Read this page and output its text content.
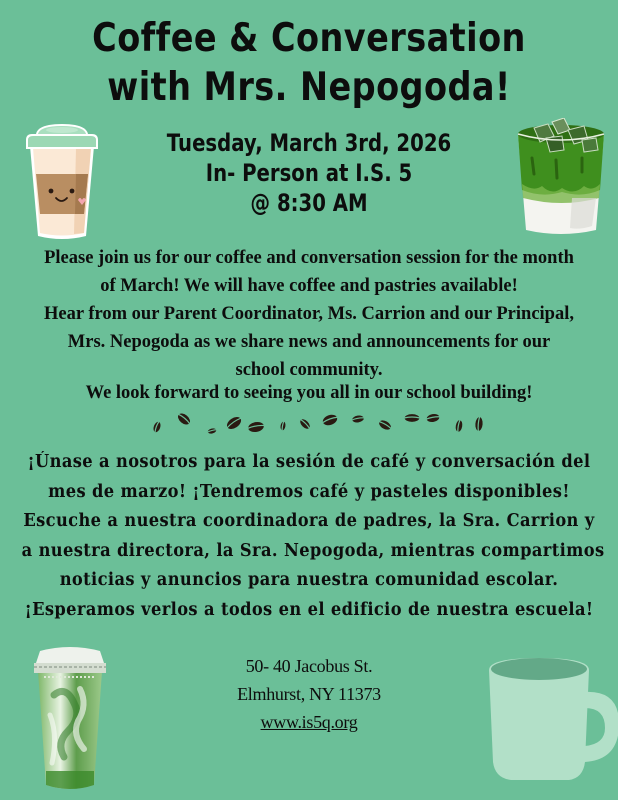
Coffee & Conversation
with Mrs. Nepogoda!
Tuesday, March 3rd, 2026
In- Person at I.S. 5
@ 8:30 AM
Please join us for our coffee and conversation session for the month
of March! We will have coffee and pastries available!
Hear from our Parent Coordinator, Ms. Carrion and our Principal,
Mrs. Nepogoda as we share news and announcements for our
school community.
We look forward to seeing you all in our school building!
¡Únase a nosotros para la sesión de café y conversación del
mes de marzo! ¡Tendremos café y pasteles disponibles!
Escuche a nuestra coordinadora de padres, la Sra. Carrion y
a nuestra directora, la Sra. Nepogoda, mientras compartimos
noticias y anuncios para nuestra comunidad escolar.
¡Esperamos verlos a todos en el edificio de nuestra escuela!
50- 40 Jacobus St.
Elmhurst, NY 11373
www.is5q.org
